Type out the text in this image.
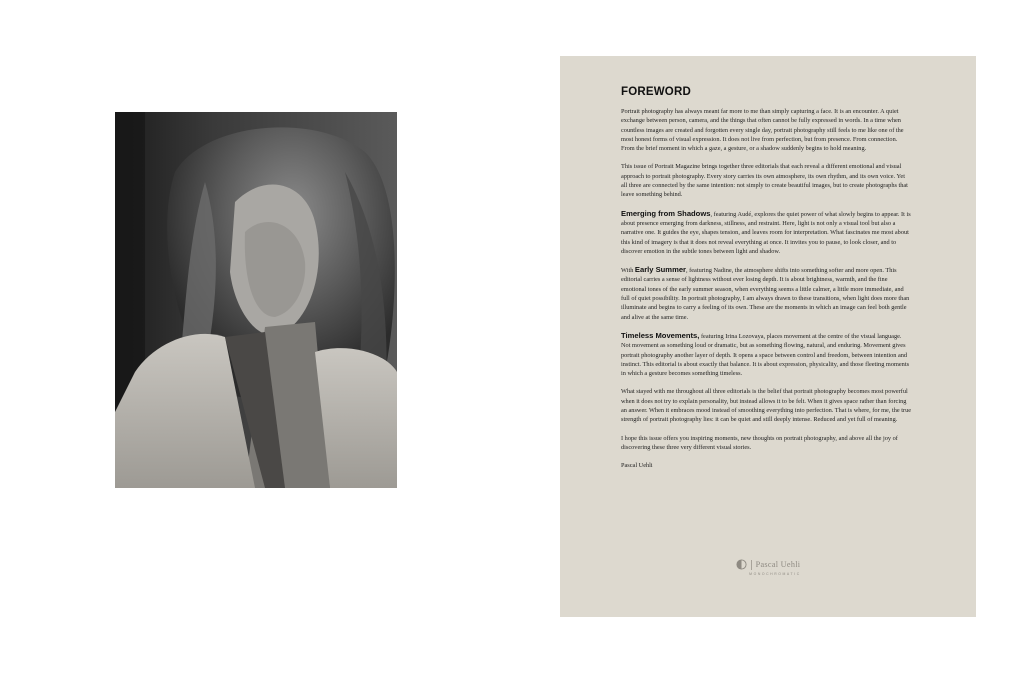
FOREWORD

Portrait photography has always meant far more to me than simply capturing a face. It is an encounter. A quiet exchange between person, camera, and the things that often cannot be fully expressed in words. In a time when countless images are created and forgotten every single day, portrait photography still feels to me like one of the most honest forms of visual expression. It does not live from perfection, but from presence. From connection. From the brief moment in which a gaze, a gesture, or a shadow suddenly begins to hold meaning.

This issue of Portrait Magazine brings together three editorials that each reveal a different emotional and visual approach to portrait photography. Every story carries its own atmosphere, its own rhythm, and its own voice. Yet all three are connected by the same intention: not simply to create beautiful images, but to create photographs that leave something behind.

Emerging from Shadows, featuring Audé, explores the quiet power of what slowly begins to appear. It is about presence emerging from darkness, stillness, and restraint. Here, light is not only a visual tool but also a narrative one. It guides the eye, shapes tension, and leaves room for interpretation. What fascinates me most about this kind of imagery is that it does not reveal everything at once. It invites you to pause, to look closer, and to discover emotion in the subtle tones between light and shadow.

With Early Summer, featuring Nadine, the atmosphere shifts into something softer and more open. This editorial carries a sense of lightness without ever losing depth. It is about brightness, warmth, and the fine emotional tones of the early summer season, when everything seems a little calmer, a little more immediate, and full of quiet possibility. In portrait photography, I am always drawn to these transitions, when light does more than illuminate and begins to carry a feeling of its own. These are the moments in which an image can feel both gentle and alive at the same time.

Timeless Movements, featuring Irina Lozovaya, places movement at the centre of the visual language. Not movement as something loud or dramatic, but as something flowing, natural, and enduring. Movement gives portrait photography another layer of depth. It opens a space between control and freedom, between intention and instinct. This editorial is about exactly that balance. It is about expression, physicality, and those fleeting moments in which a gesture becomes something timeless.

What stayed with me throughout all three editorials is the belief that portrait photography becomes most powerful when it does not try to explain personality, but instead allows it to be felt. When it gives space rather than forcing an answer. When it embraces mood instead of smoothing everything into perfection. That is where, for me, the true strength of portrait photography lies: it can be quiet and still deeply intense. Reduced and yet full of meaning.

I hope this issue offers you inspiring moments, new thoughts on portrait photography, and above all the joy of discovering these three very different visual stories.

Pascal Uehli

Pascal Uehli
MONOCHROMATIC
